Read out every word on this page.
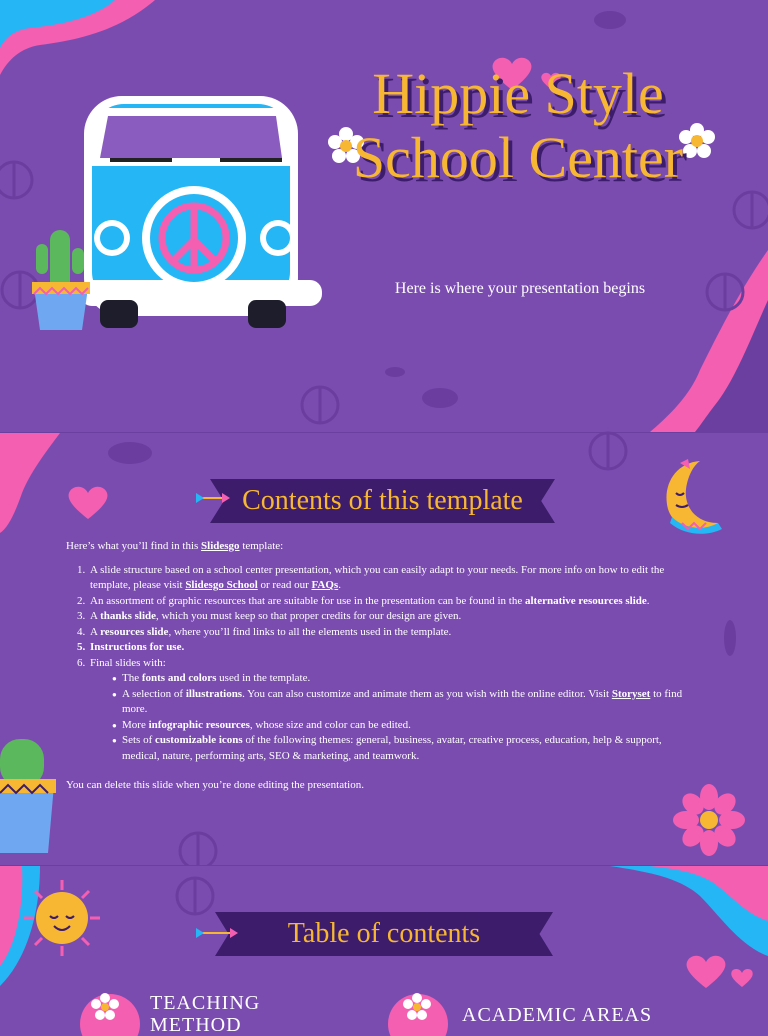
Hippie Style School Center
Here is where your presentation begins
Contents of this template

Here’s what you’ll find in this Slidesgo template:

1. A slide structure based on a school center presentation, which you can easily adapt to your needs. For more info on how to edit the template, please visit Slidesgo School or read our FAQs.
2. An assortment of graphic resources that are suitable for use in the presentation can be found in the alternative resources slide.
3. A thanks slide, which you must keep so that proper credits for our design are given.
4. A resources slide, where you’ll find links to all the elements used in the template.
5. Instructions for use.
6. Final slides with:
● The fonts and colors used in the template.
● A selection of illustrations. You can also customize and animate them as you wish with the online editor. Visit Storyset to find more.
● More infographic resources, whose size and color can be edited.
● Sets of customizable icons of the following themes: general, business, avatar, creative process, education, help & support, medical, nature, performing arts, SEO & marketing, and teamwork.

You can delete this slide when you’re done editing the presentation.

Table of contents
TEACHING METHOD	ACADEMIC AREAS
